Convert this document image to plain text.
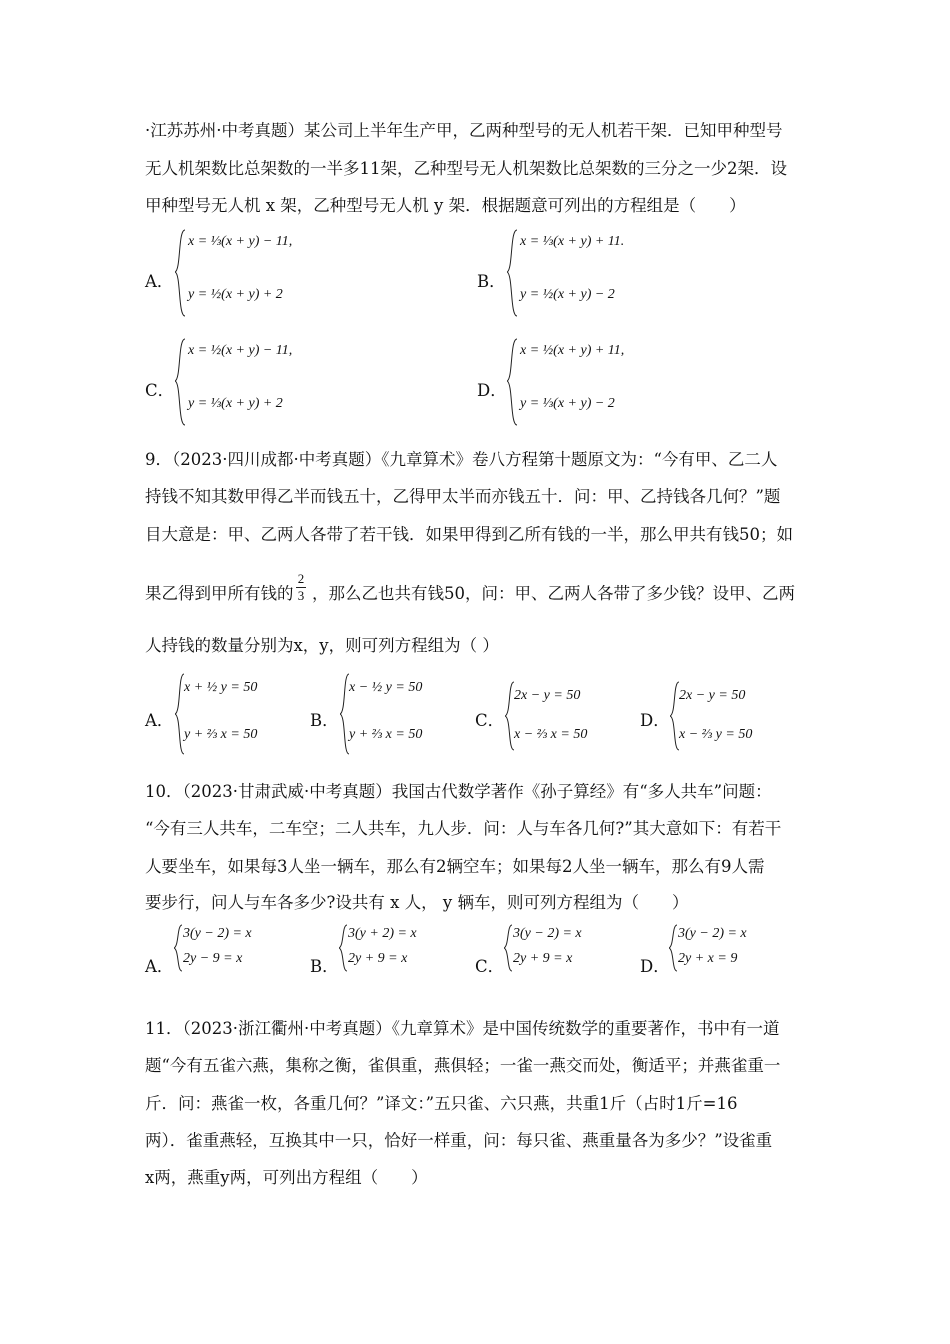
·江苏苏州·中考真题）某公司上半年生产甲，乙两种型号的无人机若干架．已知甲种型号
无人机架数比总架数的一半多11架，乙种型号无人机架数比总架数的三分之一少2架．设
甲种型号无人机 x 架，乙种型号无人机 y 架．根据题意可列出的方程组是（　　）
A．
x = ⅓(x + y) − 11,
y = ½(x + y) + 2
B．
x = ⅓(x + y) + 11.
y = ½(x + y) − 2
C．
x = ½(x + y) − 11,
y = ⅓(x + y) + 2
D．
x = ½(x + y) + 11,
y = ⅓(x + y) − 2
9．（2023·四川成都·中考真题）《九章算术》卷八方程第十题原文为：“今有甲、乙二人
持钱不知其数甲得乙半而钱五十，乙得甲太半而亦钱五十．问：甲、乙持钱各几何？”题
目大意是：甲、乙两人各带了若干钱．如果甲得到乙所有钱的一半，那么甲共有钱50；如
果乙得到甲所有钱的
2
3 ，那么乙也共有钱50，问：甲、乙两人各带了多少钱？设甲、乙两
人持钱的数量分别为x，y，则可列方程组为（ ）
A．
x + ½ y = 50
y + ⅔ x = 50
B．
x − ½ y = 50
y + ⅔ x = 50
C．
2x − y = 50
x − ⅔ x = 50
D．
2x − y = 50
x − ⅔ y = 50
10．（2023·甘肃武威·中考真题）我国古代数学著作《孙子算经》有“多人共车”问题：
“今有三人共车，二车空；二人共车，九人步．问：人与车各几何?”其大意如下：有若干
人要坐车，如果每3人坐一辆车，那么有2辆空车；如果每2人坐一辆车，那么有9人需
要步行，问人与车各多少?设共有 x 人， y 辆车，则可列方程组为（　　）
A．
3(y − 2) = x
2y − 9 = x	B．
3(y + 2) = x
2y + 9 = x	C．
3(y − 2) = x
2y + 9 = x	D．
3(y − 2) = x
2y + x = 9
11．（2023·浙江衢州·中考真题）《九章算术》是中国传统数学的重要著作，书中有一道
题“今有五雀六燕，集称之衡，雀俱重，燕俱轻；一雀一燕交而处，衡适平；并燕雀重一
斤．问：燕雀一枚，各重几何？”译文：”五只雀、六只燕，共重1斤（占时1斤=16
两）．雀重燕轻，互换其中一只，恰好一样重，问：每只雀、燕重量各为多少？”设雀重
x两，燕重y两，可列出方程组（　　）
